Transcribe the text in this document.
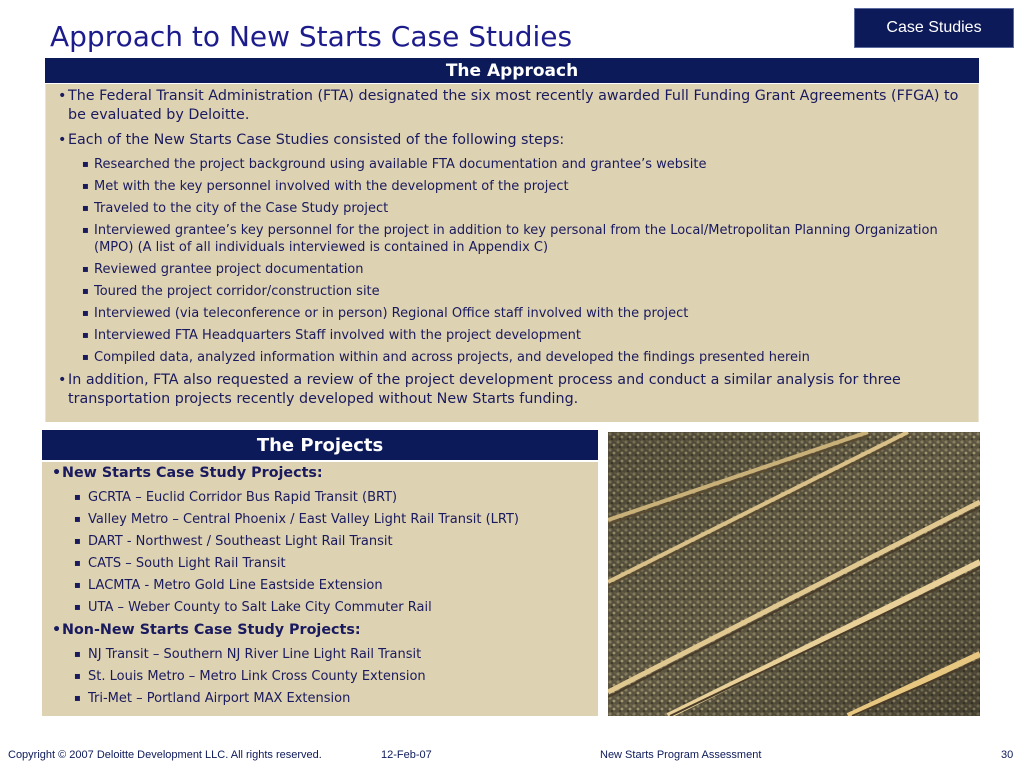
Approach to New Starts Case Studies	Case Studies
The Approach
• The Federal Transit Administration (FTA) designated the six most recently awarded Full Funding Grant Agreements (FFGA) to be evaluated by Deloitte.
• Each of the New Starts Case Studies consisted of the following steps:
▪ Researched the project background using available FTA documentation and grantee’s website
▪ Met with the key personnel involved with the development of the project
▪ Traveled to the city of the Case Study project
▪ Interviewed grantee’s key personnel for the project in addition to key personal from the Local/Metropolitan Planning Organization (MPO) (A list of all individuals interviewed is contained in Appendix C)
▪ Reviewed grantee project documentation
▪ Toured the project corridor/construction site
▪ Interviewed (via teleconference or in person) Regional Office staff involved with the project
▪ Interviewed FTA Headquarters Staff involved with the project development
▪ Compiled data, analyzed information within and across projects, and developed the findings presented herein
• In addition, FTA also requested a review of the project development process and conduct a similar analysis for three transportation projects recently developed without New Starts funding.
The Projects
• New Starts Case Study Projects:
▪ GCRTA – Euclid Corridor Bus Rapid Transit (BRT)
▪ Valley Metro – Central Phoenix / East Valley Light Rail Transit (LRT)
▪ DART - Northwest / Southeast Light Rail Transit
▪ CATS – South Light Rail Transit
▪ LACMTA - Metro Gold Line Eastside Extension
▪ UTA – Weber County to Salt Lake City Commuter Rail
• Non-New Starts Case Study Projects:
▪ NJ Transit – Southern NJ River Line Light Rail Transit
▪ St. Louis Metro – Metro Link Cross County Extension
▪ Tri-Met – Portland Airport MAX Extension
Copyright © 2007 Deloitte Development LLC. All rights reserved.	12-Feb-07	New Starts Program Assessment	30
